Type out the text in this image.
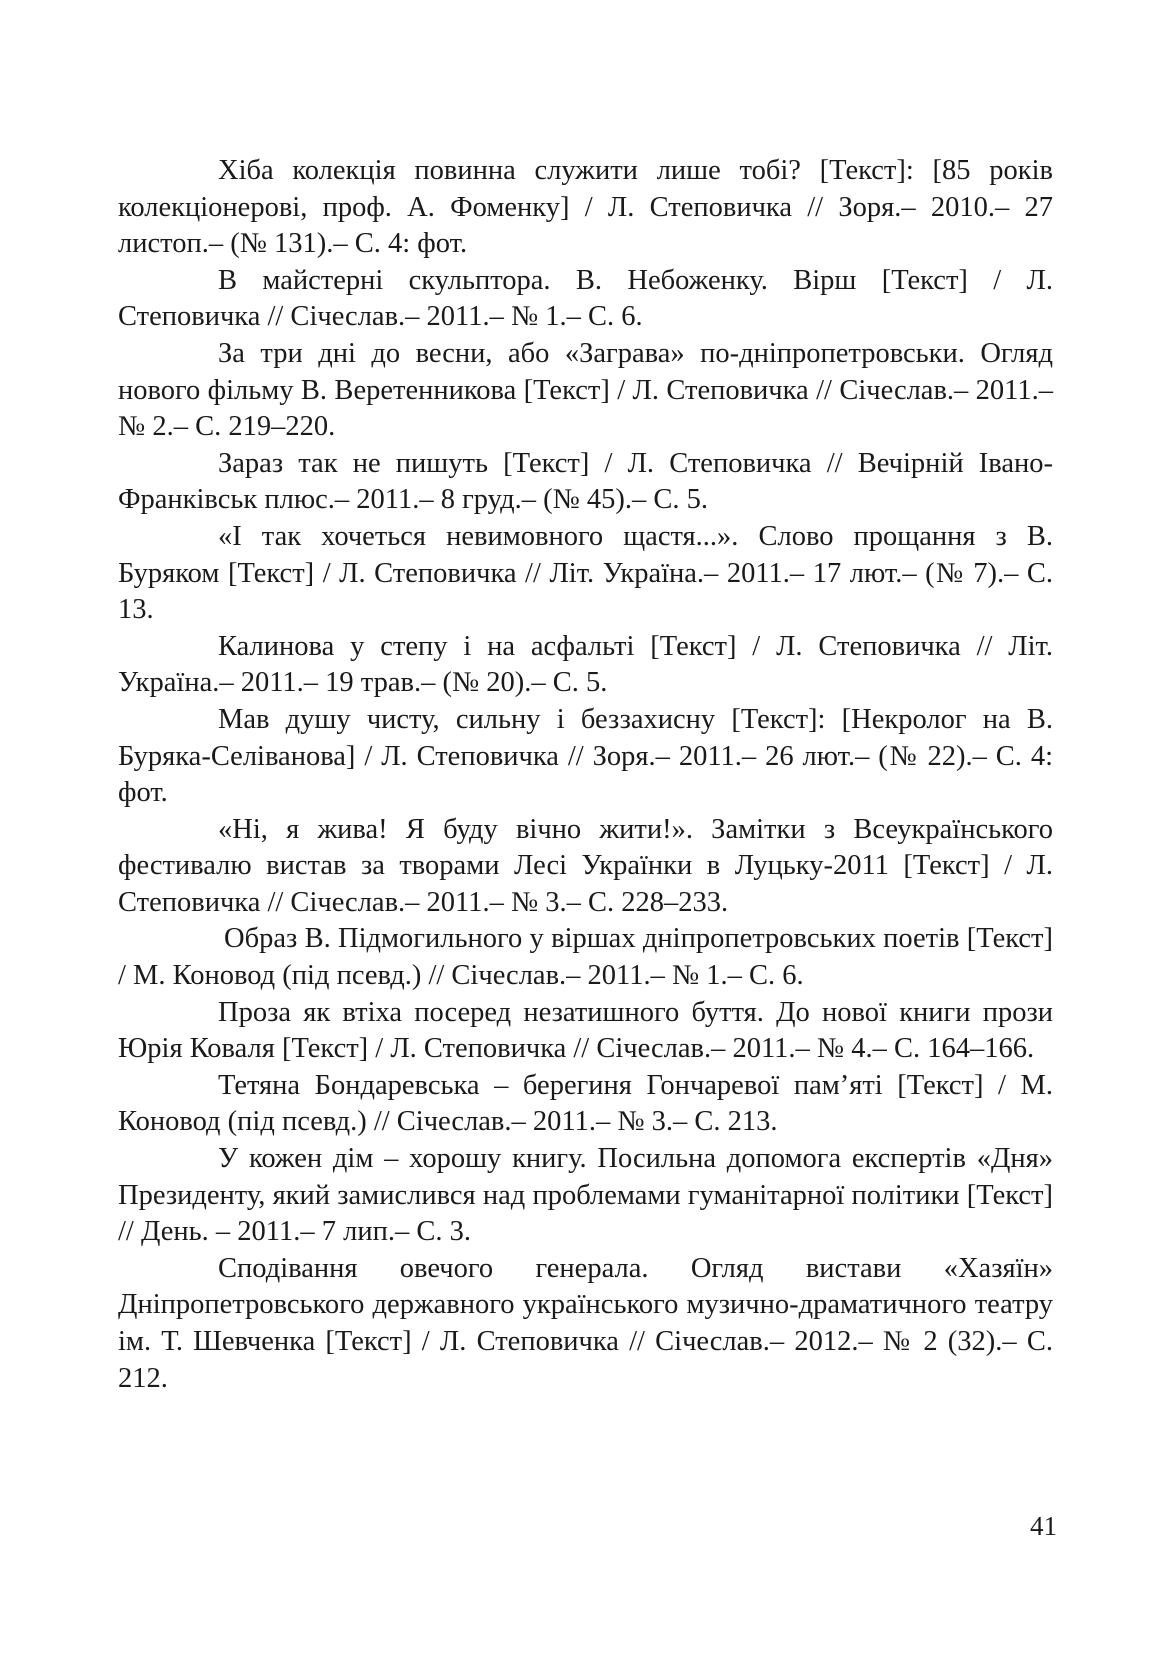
Хіба колекція повинна служити лише тобі? [Текст]: [85 років колекціонерові, проф. А. Фоменку] / Л. Степовичка // Зоря.– 2010.– 27 листоп.– (№ 131).– С. 4: фот.

В майстерні скульптора. В. Небоженку. Вірш [Текст] / Л. Степовичка // Січеслав.– 2011.– № 1.– С. 6.

За три дні до весни, або «Заграва» по-дніпропетровськи. Огляд нового фільму В. Веретенникова [Текст] / Л. Степовичка // Січеслав.– 2011.– № 2.– С. 219–220.

Зараз так не пишуть [Текст] / Л. Степовичка // Вечірній Івано-Франківськ плюс.– 2011.– 8 груд.– (№ 45).– С. 5.

«І так хочеться невимовного щастя...». Слово прощання з В. Буряком [Текст] / Л. Степовичка // Літ. Україна.– 2011.– 17 лют.– (№ 7).– С. 13.

Калинова у степу і на асфальті [Текст] / Л. Степовичка // Літ. Україна.– 2011.– 19 трав.– (№ 20).– С. 5.

Мав душу чисту, сильну і беззахисну [Текст]: [Некролог на В. Буряка-Селіванова] / Л. Степовичка // Зоря.– 2011.– 26 лют.– (№ 22).– С. 4: фот.

«Ні, я жива! Я буду вічно жити!». Замітки з Всеукраїнського фестивалю вистав за творами Лесі Українки в Луцьку-2011 [Текст] / Л. Степовичка // Січеслав.– 2011.– № 3.– С. 228–233.

Образ В. Підмогильного у віршах дніпропетровських поетів [Текст] / М. Коновод (під псевд.) // Січеслав.– 2011.– № 1.– С. 6.

Проза як втіха посеред незатишного буття. До нової книги прози Юрія Коваля [Текст] / Л. Степовичка // Січеслав.– 2011.– № 4.– С. 164–166.

Тетяна Бондаревська – берегиня Гончаревої пам’яті [Текст] / М. Коновод (під псевд.) // Січеслав.– 2011.– № 3.– С. 213.

У кожен дім – хорошу книгу. Посильна допомога експертів «Дня» Президенту, який замислився над проблемами гуманітарної політики [Текст] // День. – 2011.– 7 лип.– С. 3.

Сподівання овечого генерала. Огляд вистави «Хазяїн» Дніпропетровського державного українського музично-драматичного театру ім. Т. Шевченка [Текст] / Л. Степовичка // Січеслав.– 2012.– № 2 (32).– С. 212.

41
